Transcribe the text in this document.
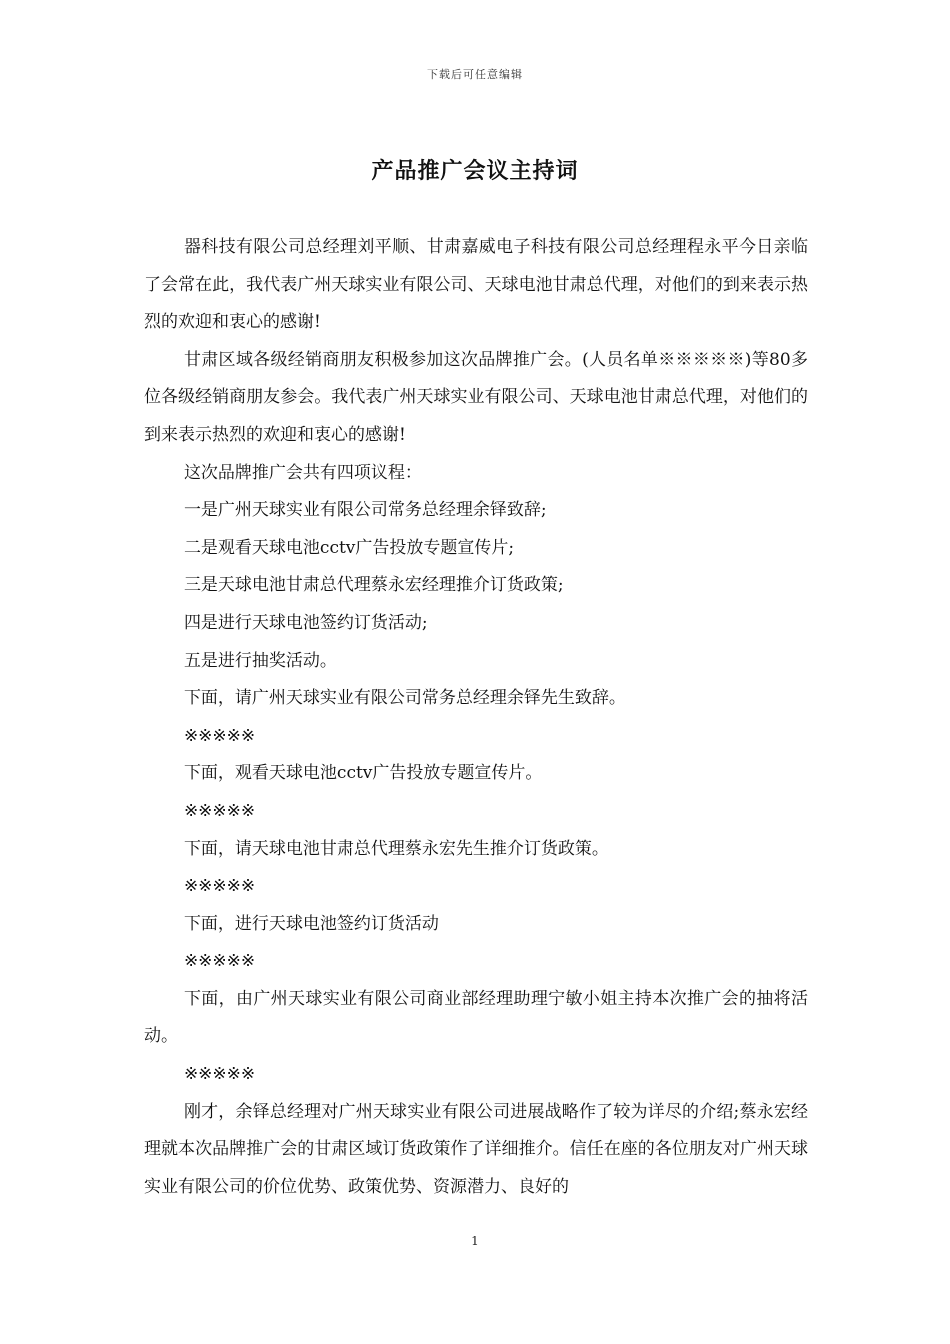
下载后可任意编辑
产品推广会议主持词

器科技有限公司总经理刘平顺、甘肃嘉威电子科技有限公司总经理程永平今日亲临了会常在此，我代表广州天球实业有限公司、天球电池甘肃总代理，对他们的到来表示热烈的欢迎和衷心的感谢!

甘肃区域各级经销商朋友积极参加这次品牌推广会。(人员名单※※※※※)等80多位各级经销商朋友参会。我代表广州天球实业有限公司、天球电池甘肃总代理，对他们的到来表示热烈的欢迎和衷心的感谢!

这次品牌推广会共有四项议程：

一是广州天球实业有限公司常务总经理余铎致辞;

二是观看天球电池cctv广告投放专题宣传片;

三是天球电池甘肃总代理蔡永宏经理推介订货政策;

四是进行天球电池签约订货活动;

五是进行抽奖活动。

下面，请广州天球实业有限公司常务总经理余铎先生致辞。

※※※※※

下面，观看天球电池cctv广告投放专题宣传片。

※※※※※

下面，请天球电池甘肃总代理蔡永宏先生推介订货政策。

※※※※※

下面，进行天球电池签约订货活动

※※※※※

下面，由广州天球实业有限公司商业部经理助理宁敏小姐主持本次推广会的抽将活动。

※※※※※

刚才，余铎总经理对广州天球实业有限公司进展战略作了较为详尽的介绍;蔡永宏经理就本次品牌推广会的甘肃区域订货政策作了详细推介。信任在座的各位朋友对广州天球实业有限公司的价位优势、政策优势、资源潜力、良好的

1
